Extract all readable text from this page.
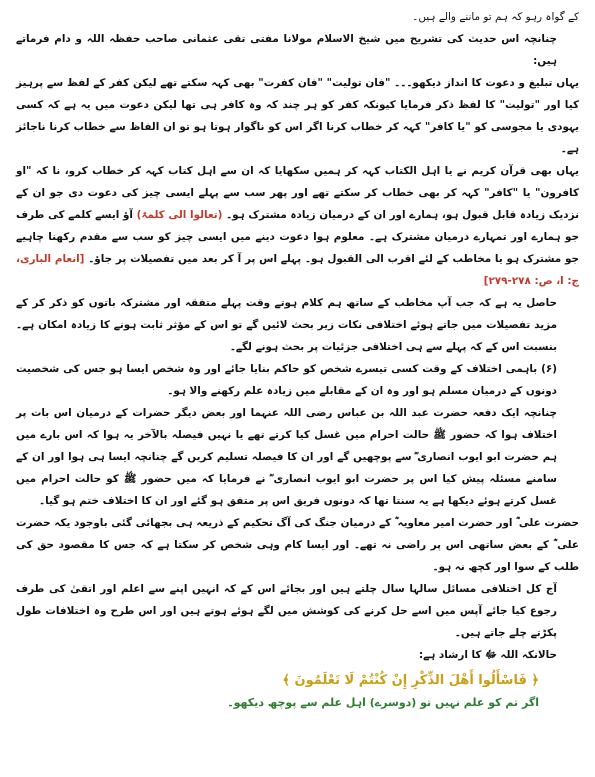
کے گواہ رہو کہ ہم تو ماننے والے ہیں۔

چنانچہ اس حدیث کی تشریح میں شیخ الاسلام مولانا مفتی تقی عثمانی صاحب حفظہ اللہ و دام فرماتے ہیں:

یہاں تبلیغ و دعوت کا انداز دیکھو۔۔۔ "فان تولیت" "فان کفرت" بھی کہہ سکتے تھے لیکن کفر کے لفظ سے پرہیز کیا اور "تولیت" کا لفظ ذکر فرمایا کیونکہ کفر کو ہر چند کہ وہ کافر ہی تھا لیکن دعوت میں یہ ہے کہ کسی یہودی یا مجوسی کو "یا کافر" کہہ کر خطاب کرنا اگر اس کو ناگوار ہوتا ہو تو ان الفاظ سے خطاب کرنا ناجائز ہے۔

یہاں بھی قرآن کریم نے یا اہل الکتاب کہہ کر ہمیں سکھایا کہ ان سے اہل کتاب کہہ کر خطاب کرو، نا کہ "او کافرون" یا "کافر" کہہ کر بھی خطاب کر سکتے تھے اور پھر سب سے پہلے ایسی چیز کی دعوت دی جو ان کے نزدیک زیادہ قابل قبول ہو، ہمارے اور ان کے درمیان زیادہ مشترک ہو۔ (تعالوا الی کلمۃ) آؤ ایسے کلمے کی طرف جو ہمارے اور تمہارے درمیان مشترک ہے۔ معلوم ہوا دعوت دینے میں ایسی چیز کو سب سے مقدم رکھنا چاہیے جو مشترک ہو یا مخاطب کے لئے اقرب الی القبول ہو۔ پہلے اس پر آ کر بعد میں تفصیلات پر جاؤ۔ [انعام الباری، ج: ا، ص: ۲۷۸-۲۷۹]

حاصل یہ ہے کہ جب آپ مخاطب کے ساتھ ہم کلام ہوتے وقت پہلے متفقہ اور مشترکہ باتوں کو ذکر کر کے مزید تفصیلات میں جاتے ہوئے اختلافی نکات زیر بحث لائیں گے تو اس کے مؤثر ثابت ہونے کا زیادہ امکان ہے۔ بنسبت اس کے کہ پہلے سے ہی اختلافی جزئیات پر بحث ہونے لگے۔

(۶) باہمی اختلاف کے وقت کسی تیسرے شخص کو حاکم بنایا جائے اور وہ شخص ایسا ہو جس کی شخصیت دونوں کے درمیان مسلم ہو اور وہ ان کے مقابلے میں زیادہ علم رکھنے والا ہو۔

چنانچہ ایک دفعہ حضرت عبد اللہ بن عباس رضی اللہ عنہما اور بعض دیگر حضرات کے درمیان اس بات پر اختلاف ہوا کہ حضور ﷺ حالت احرام میں غسل کیا کرتے تھے یا نہیں فیصلہ بالآخر یہ ہوا کہ اس بارے میں ہم حضرت ابو ایوب انصاری ؓ سے پوچھیں گے اور ان کا فیصلہ تسلیم کریں گے چنانچہ ایسا ہی ہوا اور ان کے سامنے مسئلہ پیش کیا اس پر حضرت ابو ایوب انصاری ؓ نے فرمایا کہ میں حضور ﷺ کو حالت احرام میں غسل کرتے ہوئے دیکھا ہے یہ سنتا تھا کہ دونوں فریق اس پر متفق ہو گئے اور ان کا اختلاف ختم ہو گیا۔

حضرت علی ؓ اور حضرت امیر معاویہ ؓ کے درمیان جنگ کی آگ تحکیم کے ذریعہ ہی بجھائی گئی باوجود یکہ حضرت علی ؓ کے بعض ساتھی اس پر راضی نہ تھے۔ اور ایسا کام وہی شخص کر سکتا ہے کہ جس کا مقصود حق کی طلب کے سوا اور کچھ نہ ہو۔

آج کل اختلافی مسائل سالہا سال چلتے ہیں اور بجائے اس کے کہ انہیں اپنے سے اعلم اور اتقیٰ کی طرف رجوع کیا جائے آپس میں اسے حل کرنے کی کوشش میں لگے ہوئے ہوتے ہیں اور اس طرح وہ اختلافات طول پکڑتے چلے جاتے ہیں۔

حالانکہ اللہ ﷻ کا ارشاد ہے:

﴿ فَاسْأَلُوا أَهْلَ الذِّكْرِ إِنْ كُنْتُمْ لَا تَعْلَمُونَ ﴾

اگر تم کو علم نہیں تو (دوسرے) اہل علم سے پوچھ دیکھو۔
